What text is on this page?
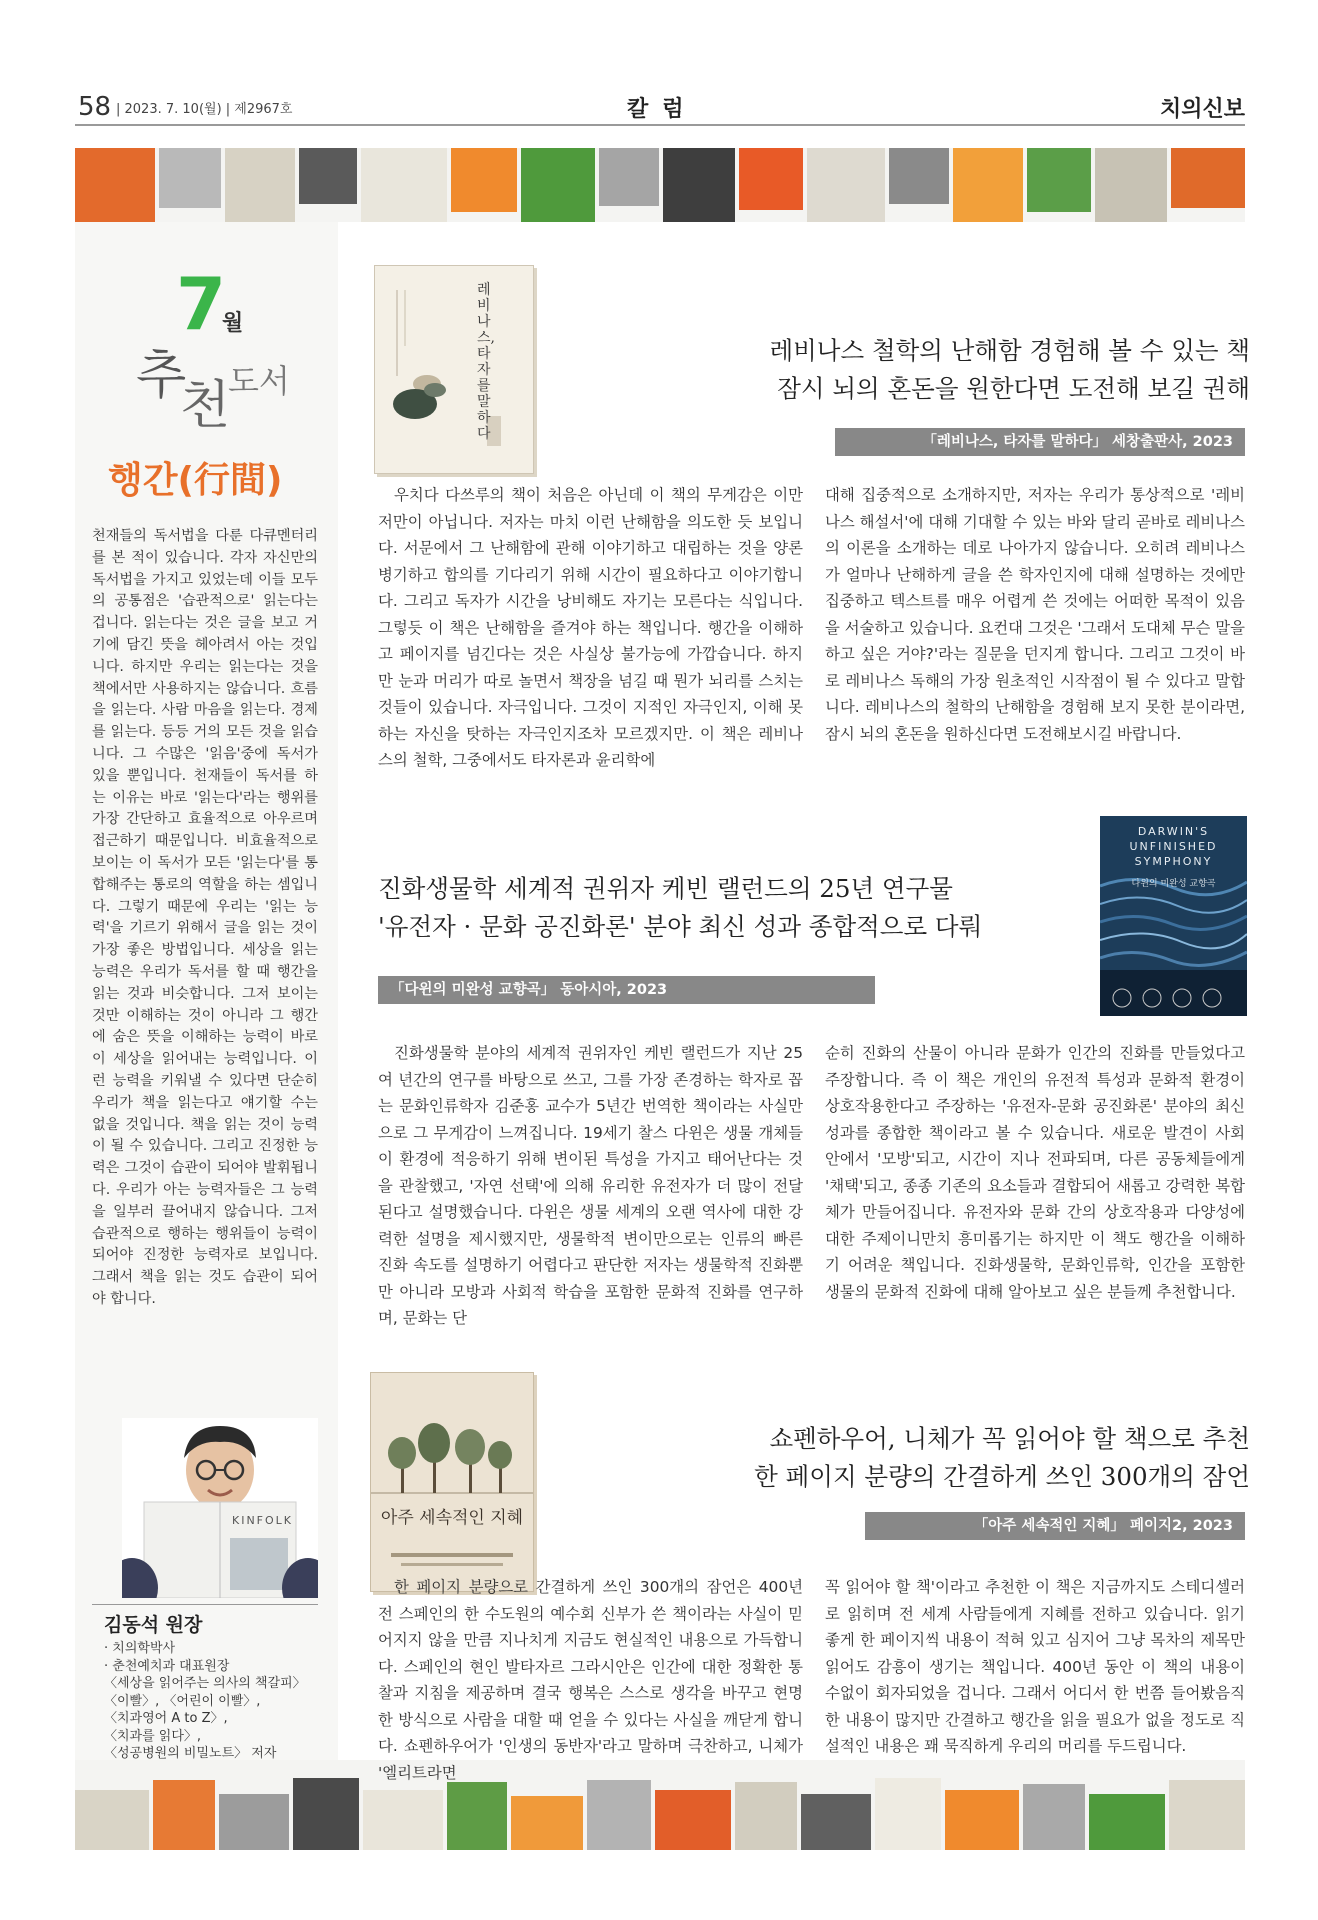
58 | 2023. 7. 10(월) | 제2967호	칼럼	치의신보
7
월
추
천
도서
행간(行間)
천재들의 독서법을 다룬 다큐멘터리를 본 적이 있습니다. 각자 자신만의 독서법을 가지고 있었는데 이들 모두의 공통점은 '습관적으로' 읽는다는 겁니다. 읽는다는 것은 글을 보고 거기에 담긴 뜻을 헤아려서 아는 것입니다. 하지만 우리는 읽는다는 것을 책에서만 사용하지는 않습니다. 흐름을 읽는다. 사람 마음을 읽는다. 경제를 읽는다. 등등 거의 모든 것을 읽습니다. 그 수많은 '읽음'중에 독서가 있을 뿐입니다. 천재들이 독서를 하는 이유는 바로 '읽는다'라는 행위를 가장 간단하고 효율적으로 아우르며 접근하기 때문입니다. 비효율적으로 보이는 이 독서가 모든 '읽는다'를 통합해주는 통로의 역할을 하는 셈입니다. 그렇기 때문에 우리는 '읽는 능력'을 기르기 위해서 글을 읽는 것이 가장 좋은 방법입니다. 세상을 읽는 능력은 우리가 독서를 할 때 행간을 읽는 것과 비슷합니다. 그저 보이는 것만 이해하는 것이 아니라 그 행간에 숨은 뜻을 이해하는 능력이 바로 이 세상을 읽어내는 능력입니다. 이런 능력을 키워낼 수 있다면 단순히 우리가 책을 읽는다고 얘기할 수는 없을 것입니다. 책을 읽는 것이 능력이 될 수 있습니다. 그리고 진정한 능력은 그것이 습관이 되어야 발휘됩니다. 우리가 아는 능력자들은 그 능력을 일부러 끌어내지 않습니다. 그저 습관적으로 행하는 행위들이 능력이 되어야 진정한 능력자로 보입니다. 그래서 책을 읽는 것도 습관이 되어야 합니다.
KINFOLK
김동석 원장
· 치의학박사
· 춘천예치과 대표원장
〈세상을 읽어주는 의사의 책갈피〉
〈이빨〉, 〈어린이 이빨〉,
〈치과영어 A to Z〉,
〈치과를 읽다〉,
〈성공병원의 비밀노트〉 저자
레비나스, 타자를 말하다
레비나스 철학의 난해함 경험해 볼 수 있는 책
잠시 뇌의 혼돈을 원한다면 도전해 보길 권해
「레비나스, 타자를 말하다」 세창출판사, 2023
우치다 다쓰루의 책이 처음은 아닌데 이 책의 무게감은 이만저만이 아닙니다. 저자는 마치 이런 난해함을 의도한 듯 보입니다. 서문에서 그 난해함에 관해 이야기하고 대립하는 것을 양론병기하고 합의를 기다리기 위해 시간이 필요하다고 이야기합니다. 그리고 독자가 시간을 낭비해도 자기는 모른다는 식입니다. 그렇듯 이 책은 난해함을 즐겨야 하는 책입니다. 행간을 이해하고 페이지를 넘긴다는 것은 사실상 불가능에 가깝습니다. 하지만 눈과 머리가 따로 놀면서 책장을 넘길 때 뭔가 뇌리를 스치는 것들이 있습니다. 자극입니다. 그것이 지적인 자극인지, 이해 못 하는 자신을 탓하는 자극인지조차 모르겠지만. 이 책은 레비나스의 철학, 그중에서도 타자론과 윤리학에
대해 집중적으로 소개하지만, 저자는 우리가 통상적으로 '레비나스 해설서'에 대해 기대할 수 있는 바와 달리 곧바로 레비나스의 이론을 소개하는 데로 나아가지 않습니다. 오히려 레비나스가 얼마나 난해하게 글을 쓴 학자인지에 대해 설명하는 것에만 집중하고 텍스트를 매우 어렵게 쓴 것에는 어떠한 목적이 있음을 서술하고 있습니다. 요컨대 그것은 '그래서 도대체 무슨 말을 하고 싶은 거야?'라는 질문을 던지게 합니다. 그리고 그것이 바로 레비나스 독해의 가장 원초적인 시작점이 될 수 있다고 말합니다. 레비나스의 철학의 난해함을 경험해 보지 못한 분이라면, 잠시 뇌의 혼돈을 원하신다면 도전해보시길 바랍니다.
진화생물학 세계적 권위자 케빈 랠런드의 25년 연구물
'유전자 · 문화 공진화론' 분야 최신 성과 종합적으로 다뤄
DARWIN'S UNFINISHED SYMPHONY
다윈의 미완성 교향곡
「다윈의 미완성 교향곡」 동아시아, 2023
진화생물학 분야의 세계적 권위자인 케빈 랠런드가 지난 25여 년간의 연구를 바탕으로 쓰고, 그를 가장 존경하는 학자로 꼽는 문화인류학자 김준홍 교수가 5년간 번역한 책이라는 사실만으로 그 무게감이 느껴집니다. 19세기 찰스 다윈은 생물 개체들이 환경에 적응하기 위해 변이된 특성을 가지고 태어난다는 것을 관찰했고, '자연 선택'에 의해 유리한 유전자가 더 많이 전달된다고 설명했습니다. 다윈은 생물 세계의 오랜 역사에 대한 강력한 설명을 제시했지만, 생물학적 변이만으로는 인류의 빠른 진화 속도를 설명하기 어렵다고 판단한 저자는 생물학적 진화뿐만 아니라 모방과 사회적 학습을 포함한 문화적 진화를 연구하며, 문화는 단
순히 진화의 산물이 아니라 문화가 인간의 진화를 만들었다고 주장합니다. 즉 이 책은 개인의 유전적 특성과 문화적 환경이 상호작용한다고 주장하는 '유전자-문화 공진화론' 분야의 최신 성과를 종합한 책이라고 볼 수 있습니다. 새로운 발견이 사회 안에서 '모방'되고, 시간이 지나 전파되며, 다른 공동체들에게 '채택'되고, 종종 기존의 요소들과 결합되어 새롭고 강력한 복합체가 만들어집니다. 유전자와 문화 간의 상호작용과 다양성에 대한 주제이니만치 흥미롭기는 하지만 이 책도 행간을 이해하기 어려운 책입니다. 진화생물학, 문화인류학, 인간을 포함한 생물의 문화적 진화에 대해 알아보고 싶은 분들께 추천합니다.
아주 세속적인 지혜
쇼펜하우어, 니체가 꼭 읽어야 할 책으로 추천
한 페이지 분량의 간결하게 쓰인 300개의 잠언
「아주 세속적인 지혜」 페이지2, 2023
한 페이지 분량으로 간결하게 쓰인 300개의 잠언은 400년 전 스페인의 한 수도원의 예수회 신부가 쓴 책이라는 사실이 믿어지지 않을 만큼 지나치게 지금도 현실적인 내용으로 가득합니다. 스페인의 현인 발타자르 그라시안은 인간에 대한 정확한 통찰과 지침을 제공하며 결국 행복은 스스로 생각을 바꾸고 현명한 방식으로 사람을 대할 때 얻을 수 있다는 사실을 깨닫게 합니다. 쇼펜하우어가 '인생의 동반자'라고 말하며 극찬하고, 니체가 '엘리트라면
꼭 읽어야 할 책'이라고 추천한 이 책은 지금까지도 스테디셀러로 읽히며 전 세계 사람들에게 지혜를 전하고 있습니다. 읽기 좋게 한 페이지씩 내용이 적혀 있고 심지어 그냥 목차의 제목만 읽어도 감흥이 생기는 책입니다. 400년 동안 이 책의 내용이 수없이 회자되었을 겁니다. 그래서 어디서 한 번쯤 들어봤음직한 내용이 많지만 간결하고 행간을 읽을 필요가 없을 정도로 직설적인 내용은 꽤 묵직하게 우리의 머리를 두드립니다.
